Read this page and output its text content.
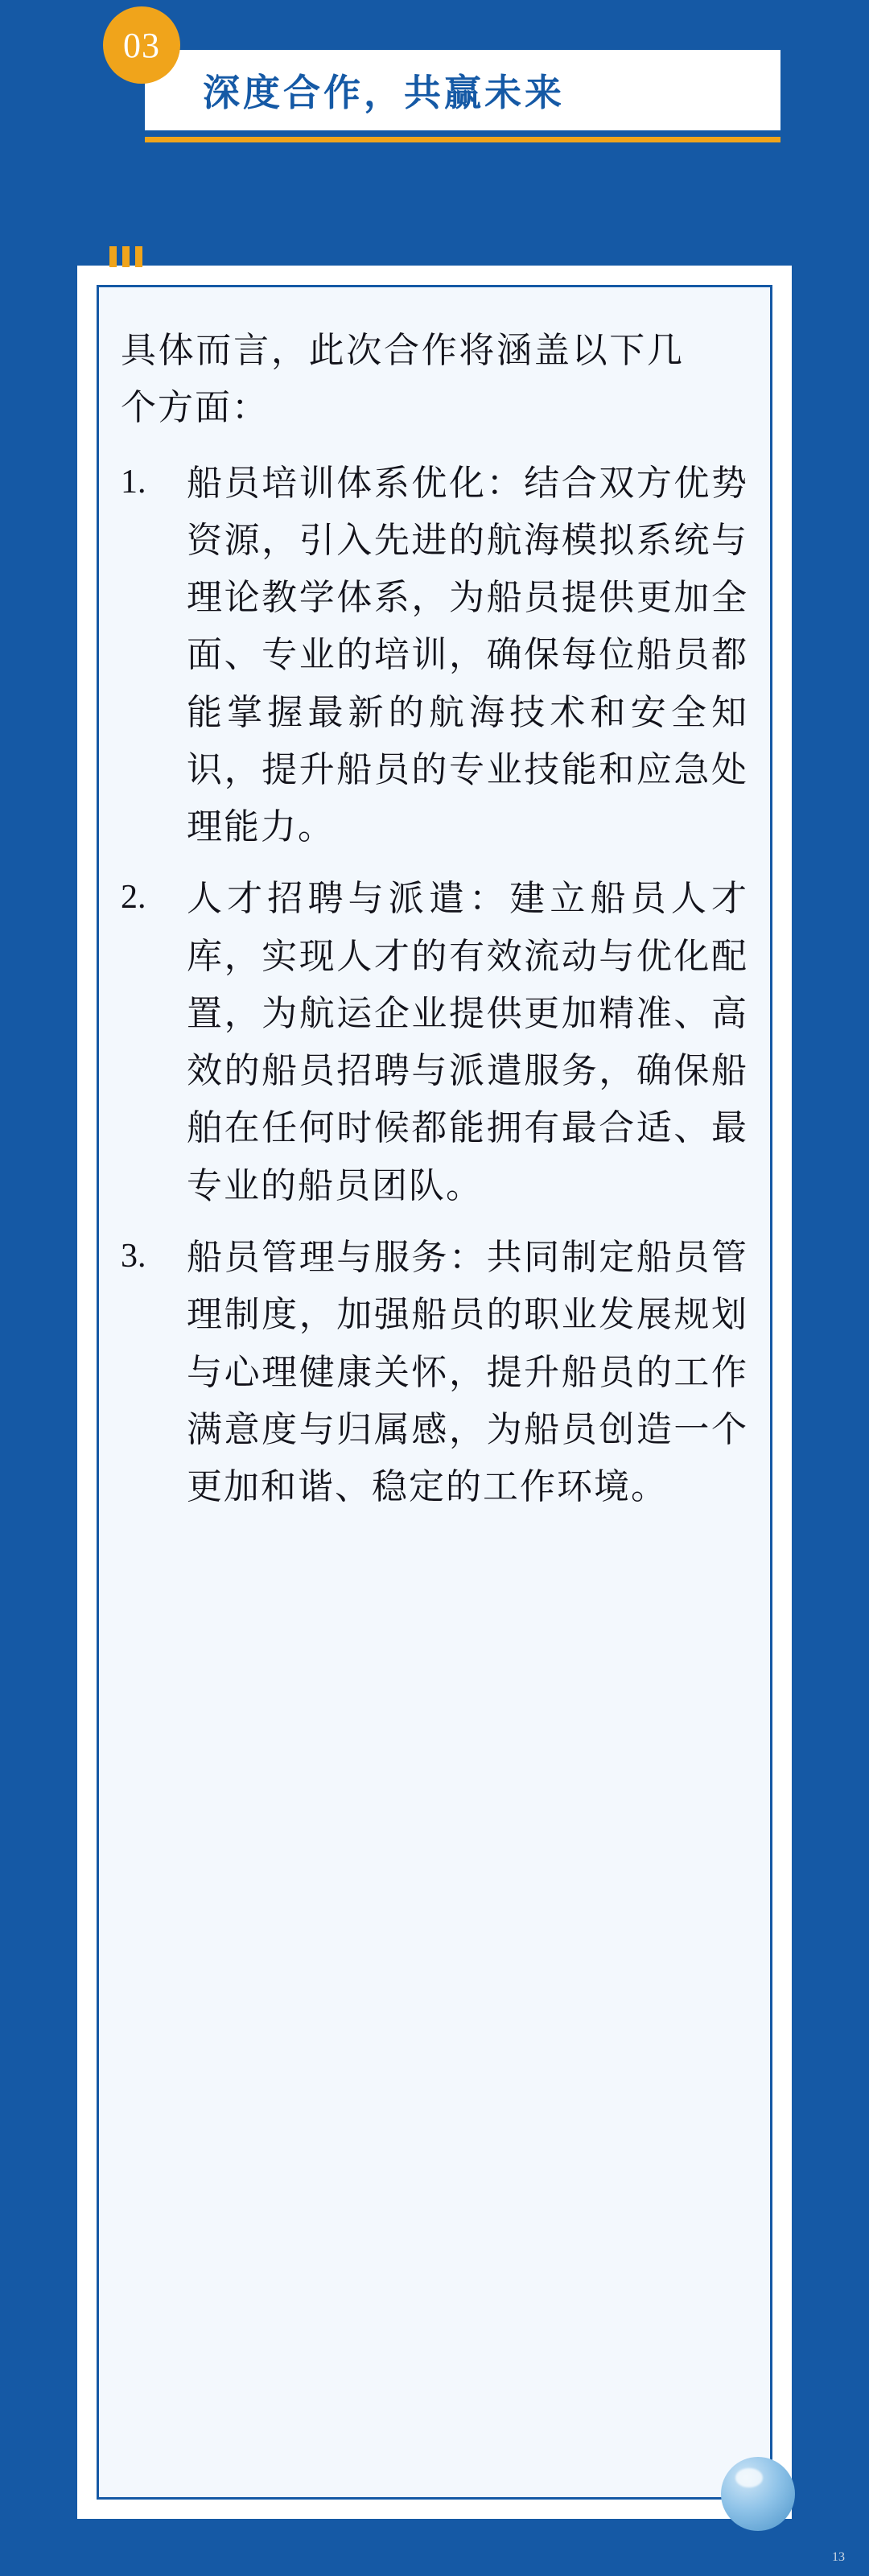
03
深度合作，共赢未来

具体而言，此次合作将涵盖以下几个方面：

1.	船员培训体系优化：结合双方优势资源，引入先进的航海模拟系统与理论教学体系，为船员提供更加全面、专业的培训，确保每位船员都能掌握最新的航海技术和安全知识，提升船员的专业技能和应急处理能力。
2.	人才招聘与派遣：建立船员人才库，实现人才的有效流动与优化配置，为航运企业提供更加精准、高效的船员招聘与派遣服务，确保船舶在任何时候都能拥有最合适、最专业的船员团队。
3.	船员管理与服务：共同制定船员管理制度，加强船员的职业发展规划与心理健康关怀，提升船员的工作满意度与归属感，为船员创造一个更加和谐、稳定的工作环境。
13
